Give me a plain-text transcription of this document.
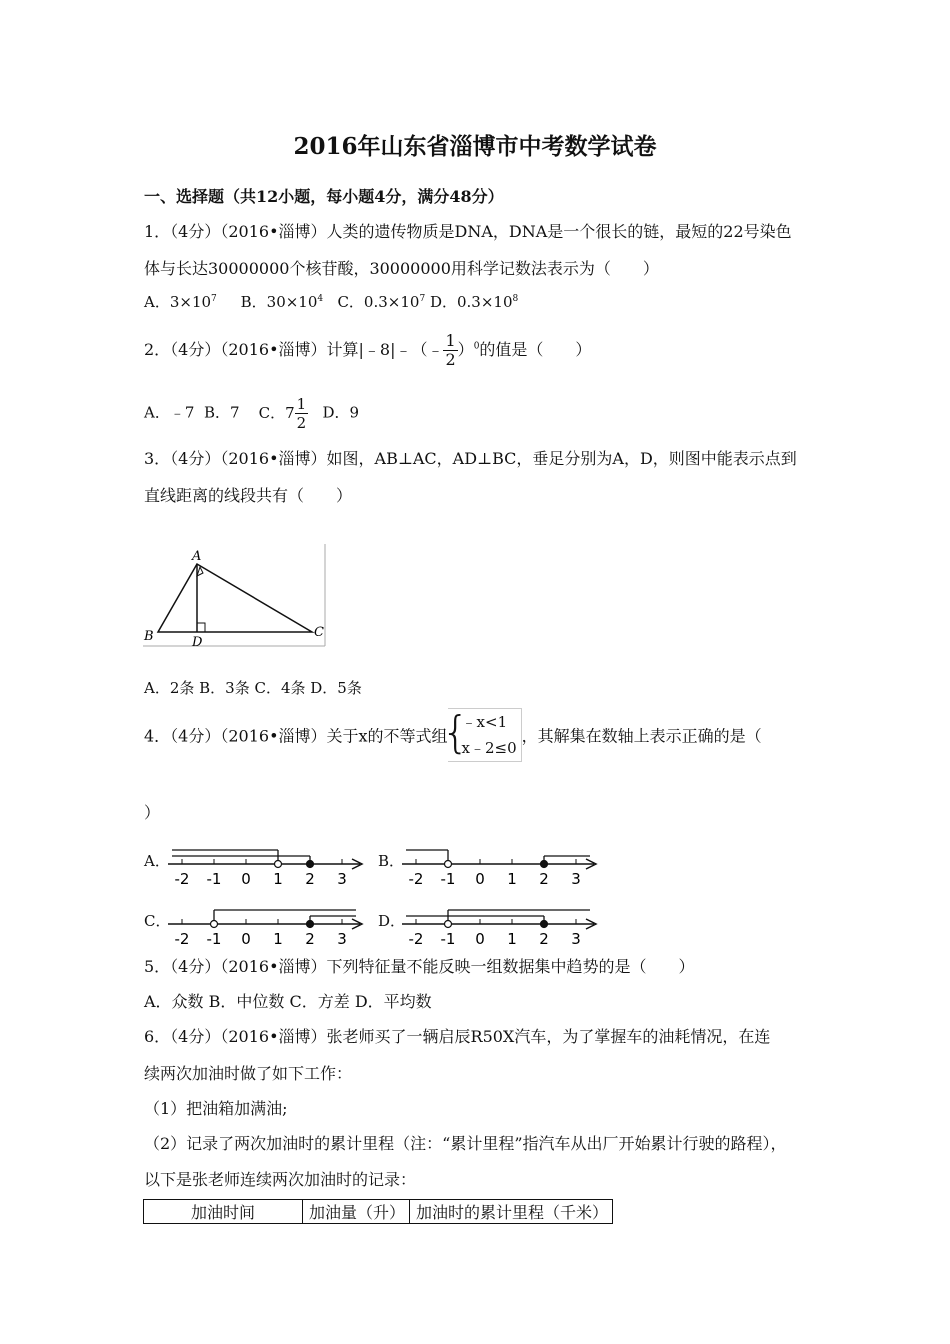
2016年山东省淄博市中考数学试卷
一、选择题（共12小题，每小题4分，满分48分）
1．（4分）（2016•淄博）人类的遗传物质是DNA，DNA是一个很长的链，最短的22号染色
体与长达30000000个核苷酸，30000000用科学记数法表示为（　　）
A．$3\times 10^7$ B．$30\times 10^4$ C．$0.3\times 10^7$ D．$0.3\times 10^8$
2．（4分）（2016•淄博）计算|﹣8|﹣（﹣ $\frac{1}{2} )^0$的值是（　　）
A．﹣7 B．7 C．$7 \frac{1}{2}$ D．9
3．（4分）（2016•淄博）如图，AB⊥AC，AD⊥BC，垂足分别为A，D，则图中能表示点到
直线距离的线段共有（　　）
A
B	C
D
A．2条 B．3条 C．4条 D．5条
4．（4分）（2016•淄博）关于x的不等式组
{ ﹣x<1
x﹣2≤0
，其解集在数轴上表示正确的是（
）
A．	B．
C．	D．
-2 -1 0 1 2 3	-2 -1 0 1 2 3
-2 -1 0 1 2 3	-2 -1 0 1 2 3
5．（4分）（2016•淄博）下列特征量不能反映一组数据集中趋势的是（　　）
A．众数 B．中位数 C．方差 D．平均数
6．（4分）（2016•淄博）张老师买了一辆启辰R50X汽车，为了掌握车的油耗情况，在连
续两次加油时做了如下工作：
（1）把油箱加满油;
（2）记录了两次加油时的累计里程（注：“累计里程”指汽车从出厂开始累计行驶的路程），
以下是张老师连续两次加油时的记录：
加油时间	加油量（升）	加油时的累计里程（千米）
